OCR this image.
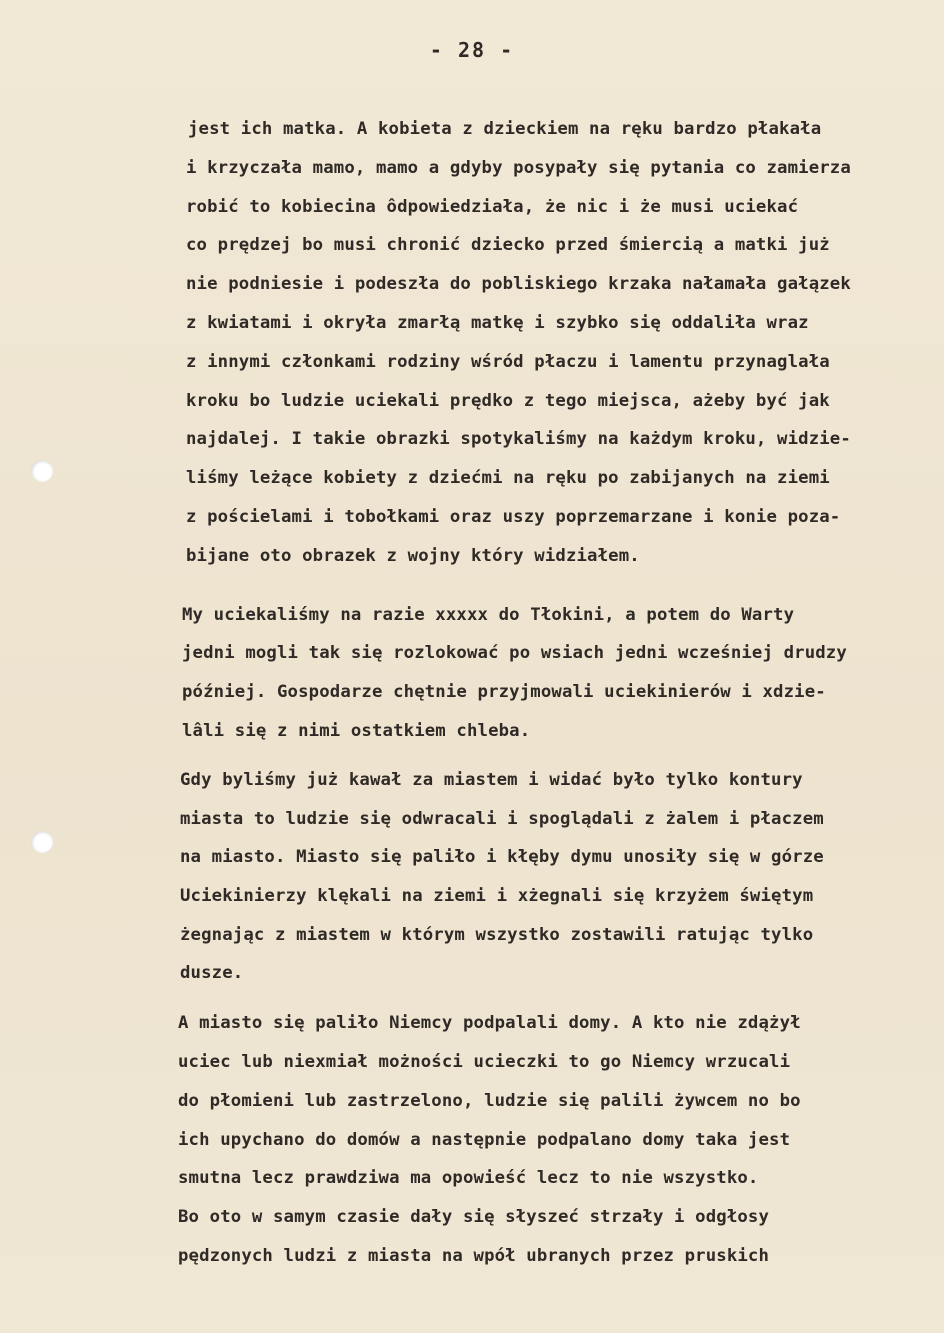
- 28 -
jest ich matka. A kobieta z dzieckiem na ręku bardzo płakała
i krzyczała mamo, mamo a gdyby posypały się pytania co zamierza
robić to kobiecina ôdpowiedziała, że nic i że musi uciekać
co prędzej bo musi chronić dziecko przed śmiercią a matki już
nie podniesie i podeszła do pobliskiego krzaka nałamała gałązek
z kwiatami i okryła zmarłą matkę i szybko się oddaliła wraz
z innymi członkami rodziny wśród płaczu i lamentu przynaglała
kroku bo ludzie uciekali prędko z tego miejsca, ażeby być jak
najdalej. I takie obrazki spotykaliśmy na każdym kroku, widzie-
liśmy leżące kobiety z dziećmi na ręku po zabijanych na ziemi
z pościelami i tobołkami oraz uszy poprzemarzane i konie poza-
bijane oto obrazek z wojny który widziałem.
My uciekaliśmy na razie xxxxx do Tłokini, a potem do Warty
jedni mogli tak się rozlokować po wsiach jedni wcześniej drudzy
później. Gospodarze chętnie przyjmowali uciekinierów i xdzie-
lâli się z nimi ostatkiem chleba.
Gdy byliśmy już kawał za miastem i widać było tylko kontury
miasta to ludzie się odwracali i spoglądali z żalem i płaczem
na miasto. Miasto się paliło i kłęby dymu unosiły się w górze
Uciekinierzy klękali na ziemi i xżegnali się krzyżem świętym
żegnając z miastem w którym wszystko zostawili ratując tylko
dusze.
A miasto się paliło Niemcy podpalali domy. A kto nie zdążył
uciec lub niexmiał możności ucieczki to go Niemcy wrzucali
do płomieni lub zastrzelono, ludzie się palili żywcem no bo
ich upychano do domów a następnie podpalano domy taka jest
smutna lecz prawdziwa ma opowieść lecz to nie wszystko.
Bo oto w samym czasie dały się słyszeć strzały i odgłosy
pędzonych ludzi z miasta na wpół ubranych przez pruskich
